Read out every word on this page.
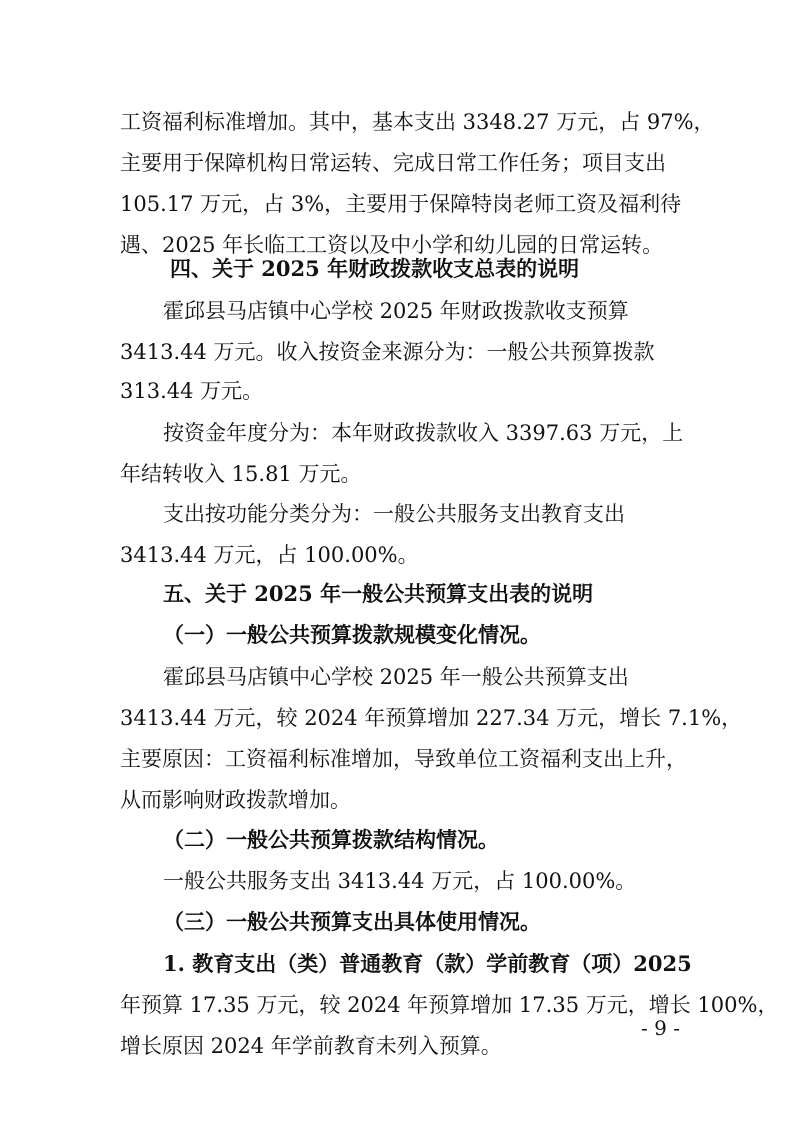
工资福利标准增加。其中，基本支出 3348.27 万元，占 97%，
主要用于保障机构日常运转、完成日常工作任务；项目支出
105.17 万元，占 3%，主要用于保障特岗老师工资及福利待
遇、2025 年长临工工资以及中小学和幼儿园的日常运转。
四、关于 2025 年财政拨款收支总表的说明
霍邱县马店镇中心学校 2025 年财政拨款收支预算
3413.44 万元。收入按资金来源分为：一般公共预算拨款
313.44 万元。
按资金年度分为：本年财政拨款收入 3397.63 万元，上
年结转收入 15.81 万元。
支出按功能分类分为：一般公共服务支出教育支出
3413.44 万元，占 100.00%。
五、关于 2025 年一般公共预算支出表的说明
（一）一般公共预算拨款规模变化情况。
霍邱县马店镇中心学校 2025 年一般公共预算支出
3413.44 万元，较 2024 年预算增加 227.34 万元，增长 7.1%，
主要原因：工资福利标准增加，导致单位工资福利支出上升，
从而影响财政拨款增加。
（二）一般公共预算拨款结构情况。
一般公共服务支出 3413.44 万元，占 100.00%。
（三）一般公共预算支出具体使用情况。
1. 教育支出（类）普通教育（款）学前教育（项）2025
年预算 17.35 万元，较 2024 年预算增加 17.35 万元，增长 100%，
增长原因 2024 年学前教育未列入预算。
- 9 -
